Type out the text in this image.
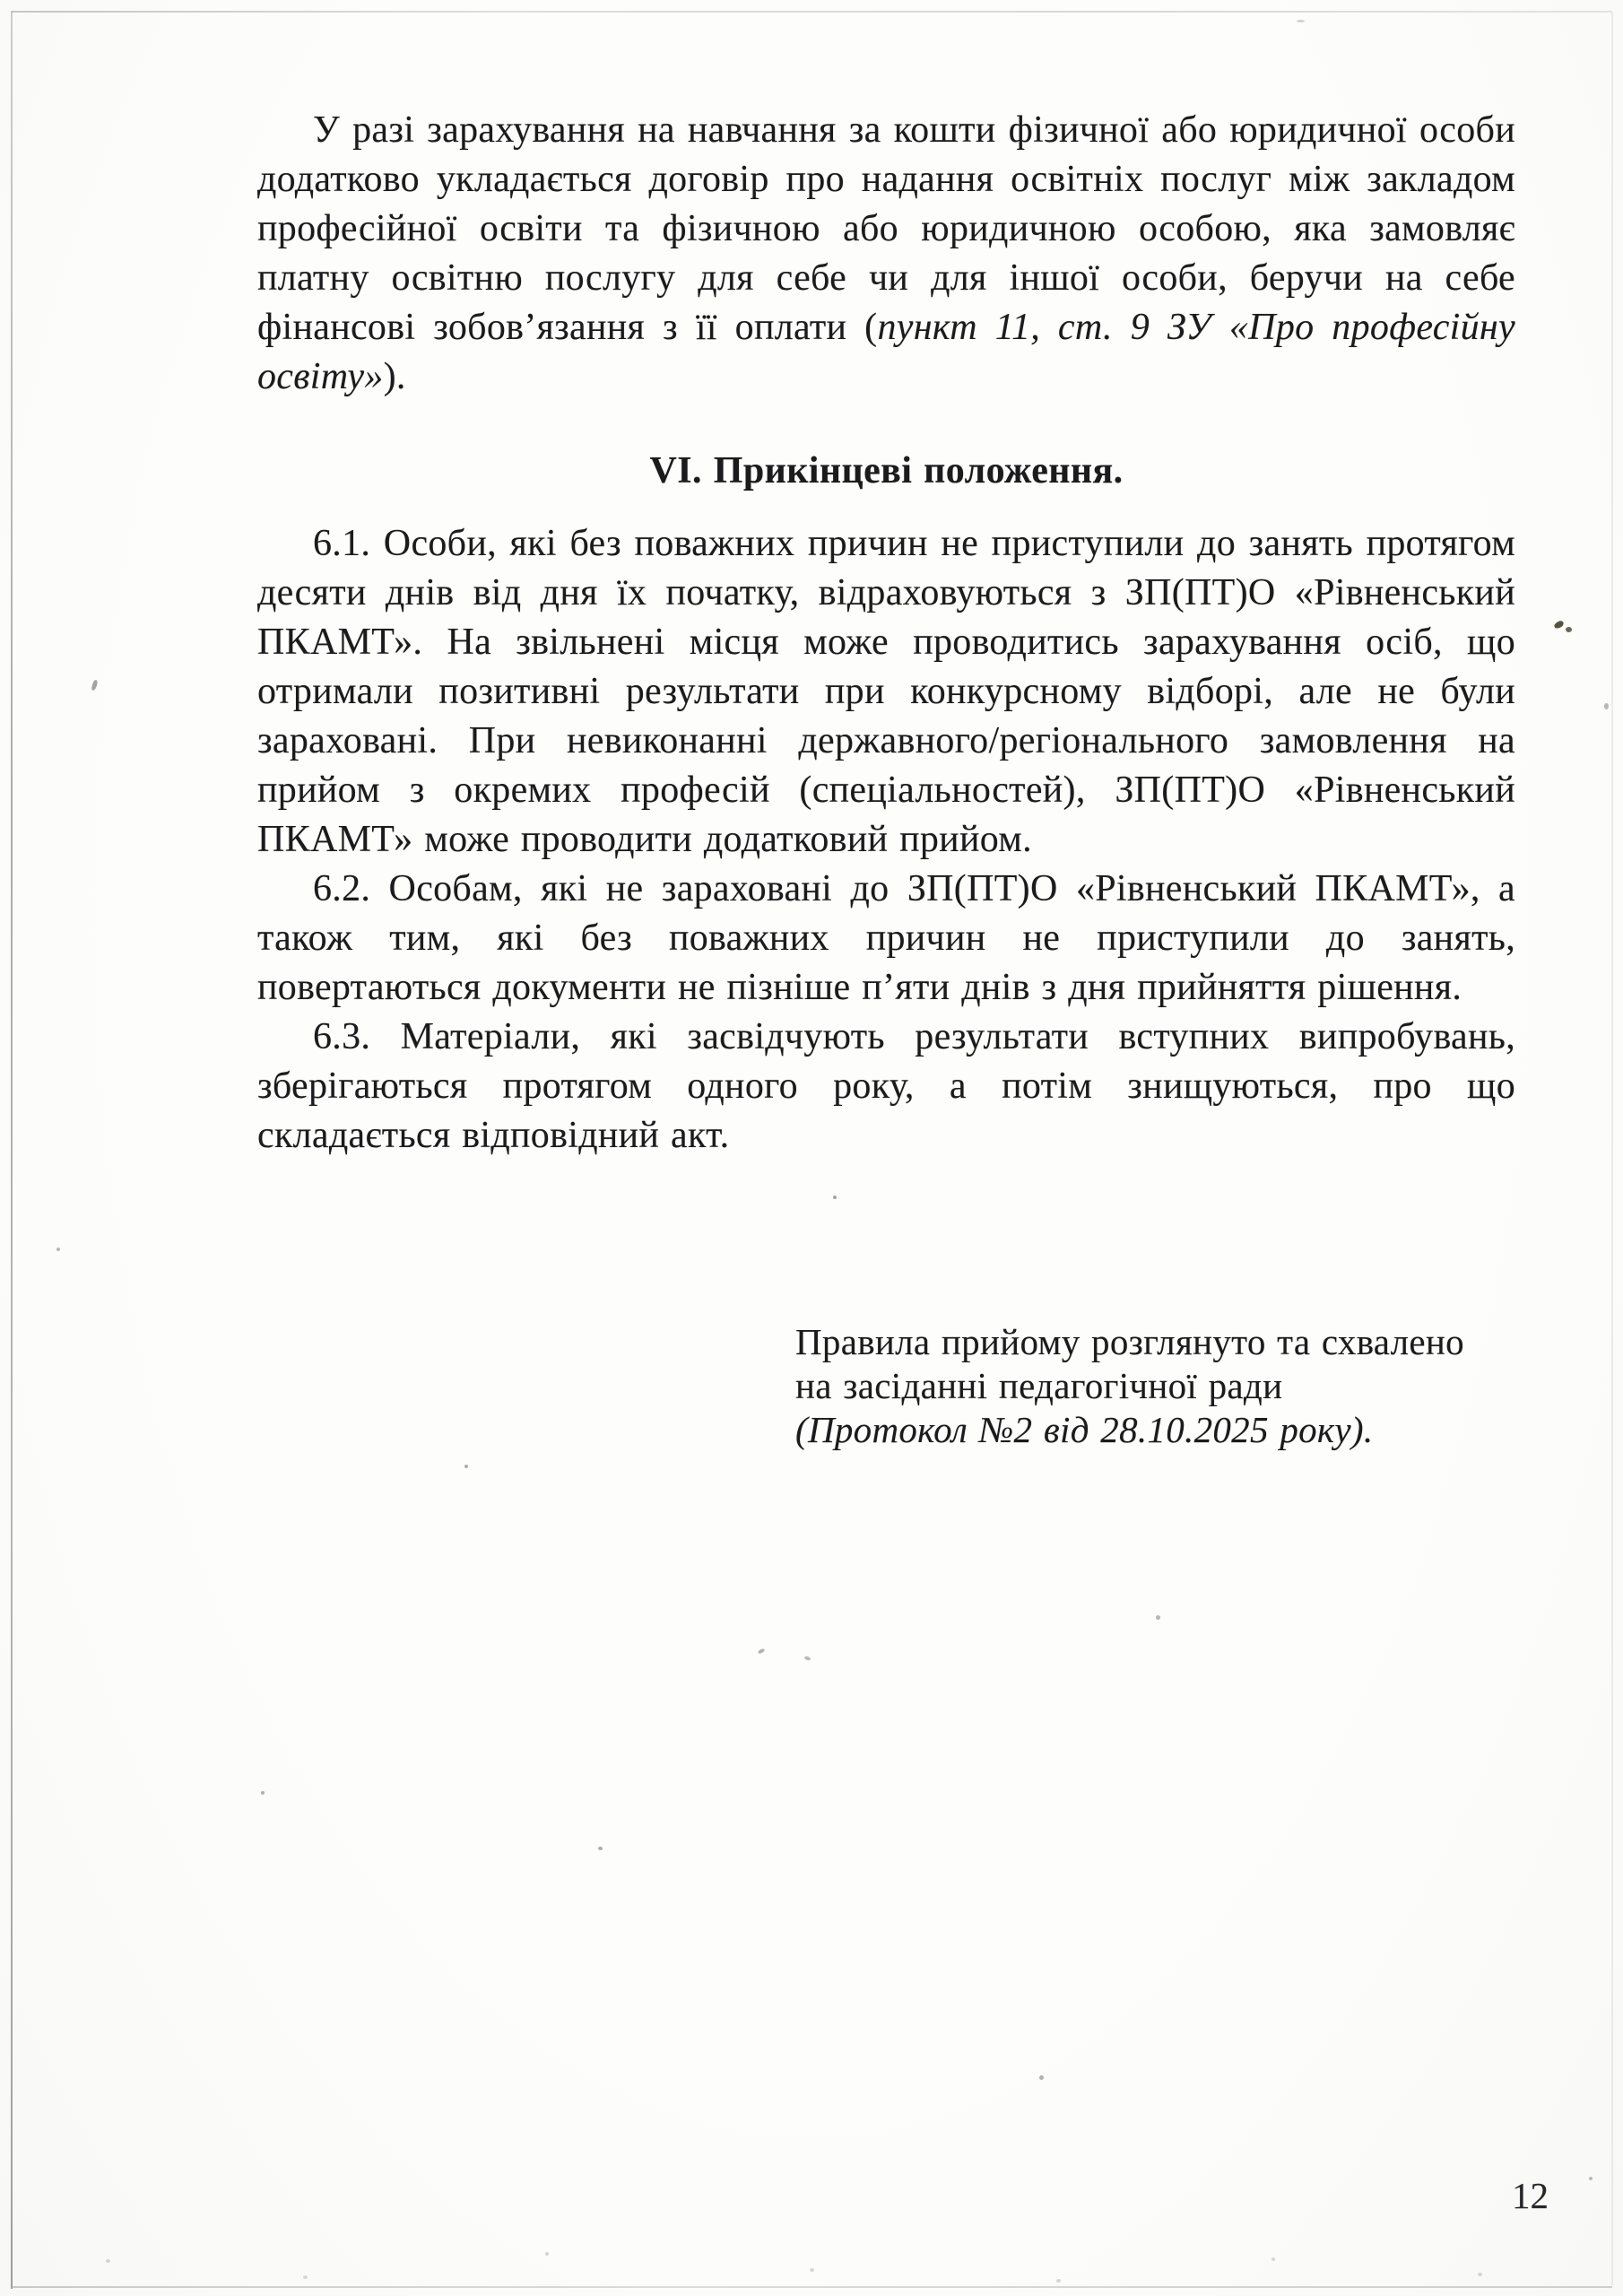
У разі зарахування на навчання за кошти фізичної або юридичної особи додатково укладається договір про надання освітніх послуг між закладом професійної освіти та фізичною або юридичною особою, яка замовляє платну освітню послугу для себе чи для іншої особи, беручи на себе фінансові зобов’язання з її оплати (пункт 11, ст. 9 ЗУ «Про професійну освіту»).

VI. Прикінцеві положення.

6.1. Особи, які без поважних причин не приступили до занять протягом десяти днів від дня їх початку, відраховуються з ЗП(ПТ)О «Рівненський ПКАМТ». На звільнені місця може проводитись зарахування осіб, що отримали позитивні результати при конкурсному відборі, але не були зараховані. При невиконанні державного/регіонального замовлення на прийом з окремих професій (спеціальностей), ЗП(ПТ)О «Рівненський ПКАМТ» може проводити додатковий прийом.

6.2. Особам, які не зараховані до ЗП(ПТ)О «Рівненський ПКАМТ», а також тим, які без поважних причин не приступили до занять, повертаються документи не пізніше п’яти днів з дня прийняття рішення.

6.3. Матеріали, які засвідчують результати вступних випробувань, зберігаються протягом одного року, а потім знищуються, про що складається відповідний акт.

Правила прийому розглянуто та схвалено
на засіданні педагогічної ради
(Протокол №2 від 28.10.2025 року).
12
